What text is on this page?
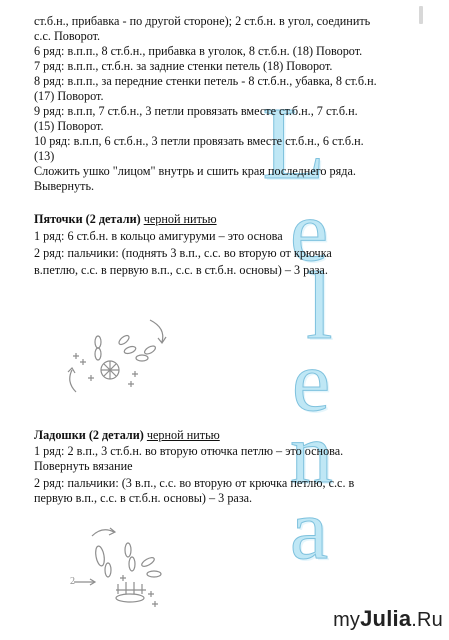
L
e
l
e
n
a
ст.б.н., прибавка - по другой стороне); 2 ст.б.н. в угол, соединить
с.с. Поворот.
6 ряд: в.п.п., 8 ст.б.н., прибавка в уголок, 8 ст.б.н. (18) Поворот.
7 ряд: в.п.п., ст.б.н. за задние стенки петель (18) Поворот.
8 ряд: в.п.п., за передние стенки петель - 8 ст.б.н., убавка, 8 ст.б.н.
(17) Поворот.
9 ряд: в.п.п, 7 ст.б.н., 3 петли провязать вместе ст.б.н., 7 ст.б.н.
(15) Поворот.
10 ряд: в.п.п, 6 ст.б.н., 3 петли провязать вместе ст.б.н., 6 ст.б.н.
(13)
Сложить ушко "лицом" внутрь и сшить края последнего ряда.
Вывернуть.
Пяточки (2 детали) черной нитью
1 ряд: 6 ст.б.н. в кольцо амигуруми – это основа
2 ряд: пальчики: (поднять 3 в.п., с.с. во вторую от крючка
в.петлю, с.с. в первую в.п., с.с. в ст.б.н. основы) – 3 раза.
Ладошки (2 детали) черной нитью
1 ряд: 2 в.п., 3 ст.б.н. во вторую отючка петлю – это основа.
Повернуть вязание
2 ряд: пальчики: (3 в.п., с.с. во вторую от крючка петлю, с.с. в
первую в.п., с.с. в ст.б.н. основы) – 3 раза.
2
myJulia.Ru
